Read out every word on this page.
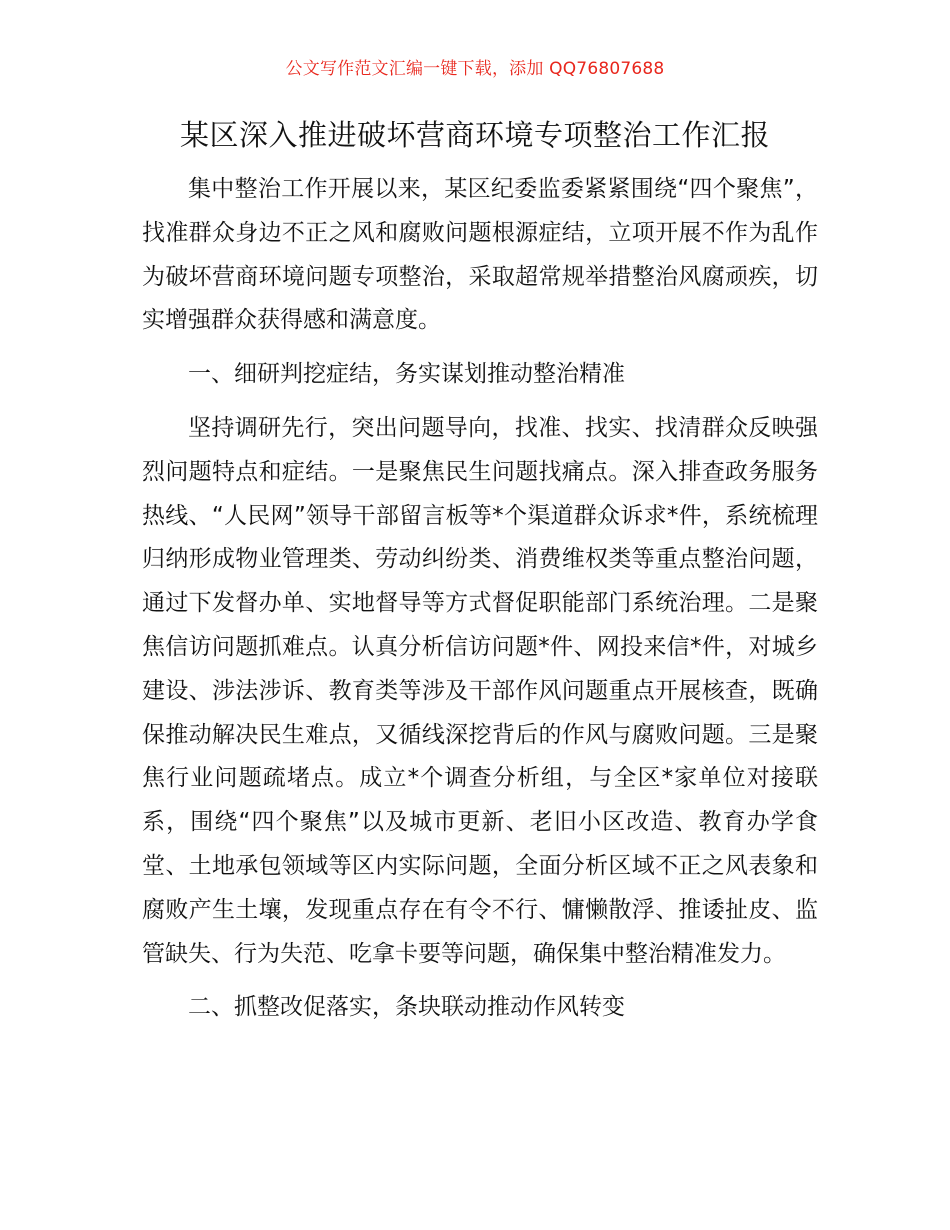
公文写作范文汇编一键下载，添加 QQ76807688
某区深入推进破坏营商环境专项整治工作汇报

集中整治工作开展以来，某区纪委监委紧紧围绕“四个聚焦”，找准群众身边不正之风和腐败问题根源症结，立项开展不作为乱作为破坏营商环境问题专项整治，采取超常规举措整治风腐顽疾，切实增强群众获得感和满意度。

一、细研判挖症结，务实谋划推动整治精准

坚持调研先行，突出问题导向，找准、找实、找清群众反映强烈问题特点和症结。一是聚焦民生问题找痛点。深入排查政务服务热线、“人民网”领导干部留言板等*个渠道群众诉求*件，系统梳理归纳形成物业管理类、劳动纠纷类、消费维权类等重点整治问题，通过下发督办单、实地督导等方式督促职能部门系统治理。二是聚焦信访问题抓难点。认真分析信访问题*件、网投来信*件，对城乡建设、涉法涉诉、教育类等涉及干部作风问题重点开展核查，既确保推动解决民生难点，又循线深挖背后的作风与腐败问题。三是聚焦行业问题疏堵点。成立*个调查分析组，与全区*家单位对接联系，围绕“四个聚焦”以及城市更新、老旧小区改造、教育办学食堂、土地承包领域等区内实际问题，全面分析区域不正之风表象和腐败产生土壤，发现重点存在有令不行、慵懒散浮、推诿扯皮、监管缺失、行为失范、吃拿卡要等问题，确保集中整治精准发力。

二、抓整改促落实，条块联动推动作风转变
